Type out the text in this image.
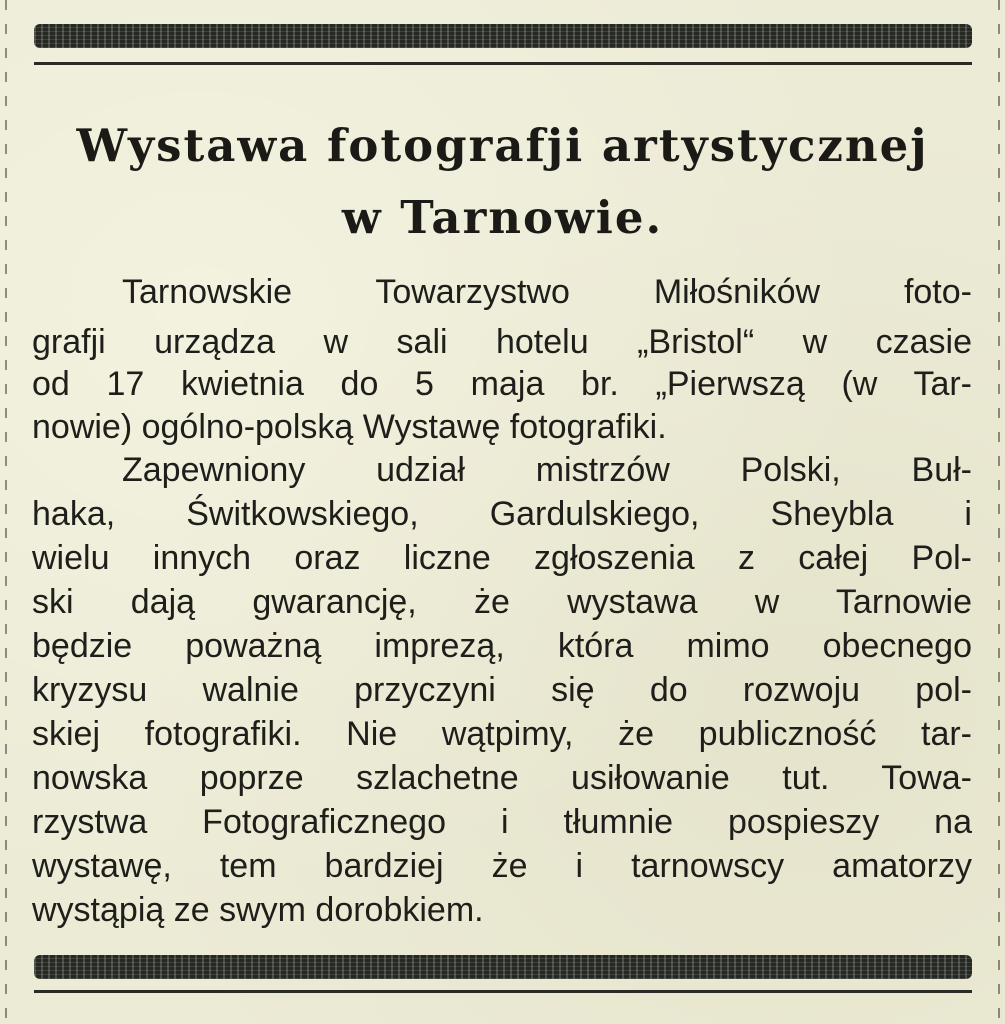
Wystawa fotografji artystycznej
w Tarnowie.
Tarnowskie Towarzystwo Miłośników foto-
grafji urządza w sali hotelu „Bristol“ w czasie
od 17 kwietnia do 5 maja br. „Pierwszą (w Tar-
nowie) ogólno-polską Wystawę fotografiki.
Zapewniony udział mistrzów Polski, Buł-
haka, Świtkowskiego, Gardulskiego, Sheybla i
wielu innych oraz liczne zgłoszenia z całej Pol-
ski dają gwarancję, że wystawa w Tarnowie
będzie poważną imprezą, która mimo obecnego
kryzysu walnie przyczyni się do rozwoju pol-
skiej fotografiki. Nie wątpimy, że publiczność tar-
nowska poprze szlachetne usiłowanie tut. Towa-
rzystwa Fotograficznego i tłumnie pospieszy na
wystawę, tem bardziej że i tarnowscy amatorzy
wystąpią ze swym dorobkiem.
